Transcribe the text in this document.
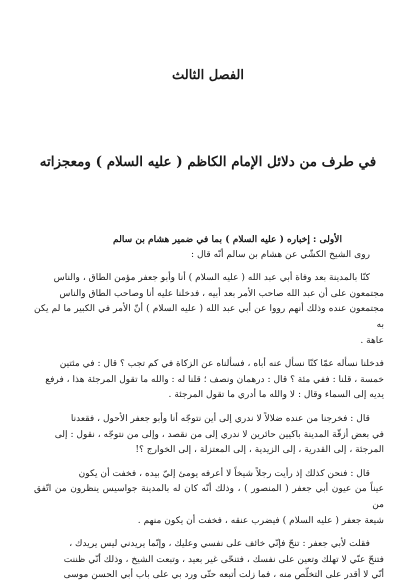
الفصل الثالث
في طرف من دلائل الإمام الكاظم ( عليه السلام ) ومعجزاته

الأولى : إخباره ( عليه السلام ) بما في ضمير هشام بن سالم

روى الشيخ الكشّي عن هشام بن سالم أنّه قال :

كنّا بالمدينة بعد وفاة أبي عبد الله ( عليه السلام ) أنا وأبو جعفر مؤمن الطاق ، والناس

مجتمعون على أن عبد الله صاحب الأمر بعد أبيه ، فدخلنا عليه أنا وصاحب الطاق والناس

مجتمعون عنده وذلك أنهم رووا عن أبي عبد الله ( عليه السلام ) أنّ الأمر في الكبير ما لم يكن به

عاهة .

فدخلنا نسأله عمّا كنّا نسأل عنه أباه ، فسألناه عن الزكاة في كم تجب ؟ قال : في مئتين

خمسة ، قلنا : ففي مئة ؟ قال : درهمان ونصف ؛ قلنا له : والله ما تقول المرجئة هذا ، فرفع

يديه إلى السماء وقال : لا والله ما أدري ما تقول المرجئة .

قال : فخرجنا من عنده ضلالاً لا ندري إلى أين نتوجّه أنا وأبو جعفر الأحول ، فقعدنا

في بعض أزقّة المدينة باكيين حائرين لا ندري إلى من نقصد ، وإلى من نتوجّه ، نقول : إلى

المرجئة ، إلى القدرية ، إلى الزيدية ، إلى المعتزلة ، إلى الخوارج ؟!

قال : فنحن كذلك إذ رأيت رجلاً شيخاً لا أعرفه يومئ إليّ بيده ، فخفت أن يكون

عيناً من عيون أبي جعفر ( المنصور ) ، وذلك أنّه كان له بالمدينة جواسيس ينظرون من اتّفق من

شيعة جعفر ( عليه السلام ) فيضرب عنقه ، فخفت أن يكون منهم .

فقلت لأبي جعفر : تنحّ فإنّي خائف على نفسي وعليك ، وإنّما يريدني ليس يريدك ،

فتنحّ عنّي لا تهلك وتعين على نفسك ، فتنحّى غير بعيد ، وتبعت الشيخ ، وذلك أنّي ظننت

أنّي لا أقدر على التخلّص منه ، فما زلت أتبعه حتّى ورد بي على باب أبي الحسن موسى
